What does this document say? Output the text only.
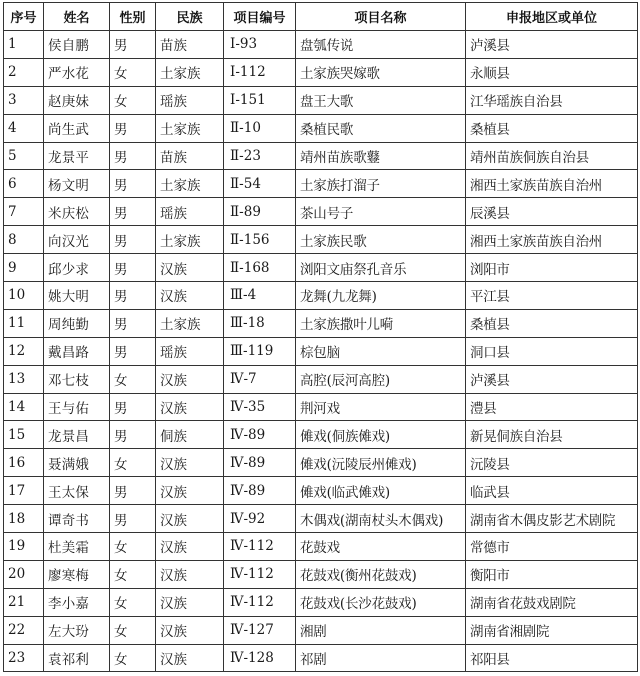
序号	姓名	性别	民族	项目编号	项目名称	申报地区或单位
1	侯自鹏	男	苗族	Ⅰ-93	盘瓠传说	泸溪县
2	严水花	女	土家族	Ⅰ-112	土家族哭嫁歌	永顺县
3	赵庚妹	女	瑶族	Ⅰ-151	盘王大歌	江华瑶族自治县
4	尚生武	男	土家族	Ⅱ-10	桑植民歌	桑植县
5	龙景平	男	苗族	Ⅱ-23	靖州苗族歌鼟	靖州苗族侗族自治县
6	杨文明	男	土家族	Ⅱ-54	土家族打溜子	湘西土家族苗族自治州
7	米庆松	男	瑶族	Ⅱ-89	茶山号子	辰溪县
8	向汉光	男	土家族	Ⅱ-156	土家族民歌	湘西土家族苗族自治州
9	邱少求	男	汉族	Ⅱ-168	浏阳文庙祭孔音乐	浏阳市
10	姚大明	男	汉族	Ⅲ-4	龙舞(九龙舞)	平江县
11	周纯勤	男	土家族	Ⅲ-18	土家族撒叶儿嗬	桑植县
12	戴昌路	男	瑶族	Ⅲ-119	棕包脑	洞口县
13	邓七枝	女	汉族	Ⅳ-7	高腔(辰河高腔)	泸溪县
14	王与佑	男	汉族	Ⅳ-35	荆河戏	澧县
15	龙景昌	男	侗族	Ⅳ-89	傩戏(侗族傩戏)	新晃侗族自治县
16	聂满娥	女	汉族	Ⅳ-89	傩戏(沅陵辰州傩戏)	沅陵县
17	王太保	男	汉族	Ⅳ-89	傩戏(临武傩戏)	临武县
18	谭奇书	男	汉族	Ⅳ-92	木偶戏(湖南杖头木偶戏)	湖南省木偶皮影艺术剧院
19	杜美霜	女	汉族	Ⅳ-112	花鼓戏	常德市
20	廖寒梅	女	汉族	Ⅳ-112	花鼓戏(衡州花鼓戏)	衡阳市
21	李小嘉	女	汉族	Ⅳ-112	花鼓戏(长沙花鼓戏)	湖南省花鼓戏剧院
22	左大玢	女	汉族	Ⅳ-127	湘剧	湖南省湘剧院
23	袁祁利	女	汉族	Ⅳ-128	祁剧	祁阳县
